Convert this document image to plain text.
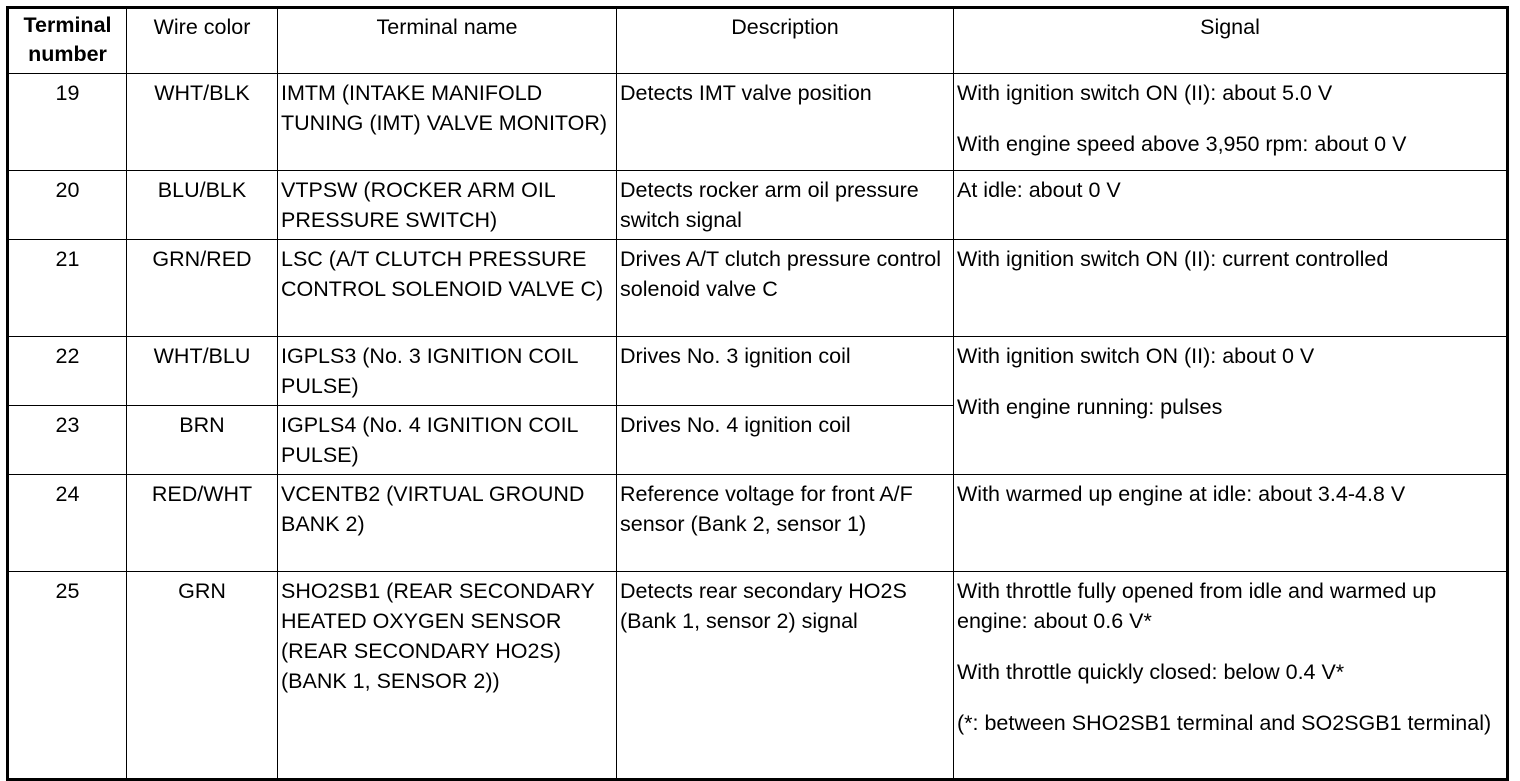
Terminal number	Wire color	Terminal name	Description	Signal
19	WHT/BLK	IMTM (INTAKE MANIFOLD TUNING (IMT) VALVE MONITOR)	Detects IMT valve position	With ignition switch ON (II): about 5.0 V
With engine speed above 3,950 rpm: about 0 V

20	BLU/BLK	VTPSW (ROCKER ARM OIL PRESSURE SWITCH)	Detects rocker arm oil pressure switch signal	At idle: about 0 V

21	GRN/RED	LSC (A/T CLUTCH PRESSURE CONTROL SOLENOID VALVE C)	Drives A/T clutch pressure control solenoid valve C	With ignition switch ON (II): current controlled

22	WHT/BLU	IGPLS3 (No. 3 IGNITION COIL PULSE)	Drives No. 3 ignition coil	With ignition switch ON (II): about 0 V
With engine running: pulses

23	BRN	IGPLS4 (No. 4 IGNITION COIL PULSE)	Drives No. 4 ignition coil	
24	RED/WHT	VCENTB2 (VIRTUAL GROUND BANK 2)	Reference voltage for front A/F sensor (Bank 2, sensor 1)	With warmed up engine at idle: about 3.4-4.8 V

25	GRN	SHO2SB1 (REAR SECONDARY HEATED OXYGEN SENSOR (REAR SECONDARY HO2S) (BANK 1, SENSOR 2))	Detects rear secondary HO2S   (Bank 1, sensor 2) signal	With throttle fully opened from idle and warmed up engine: about 0.6 V*
With throttle quickly closed: below 0.4 V*
(*: between SHO2SB1 terminal and SO2SGB1 terminal)
